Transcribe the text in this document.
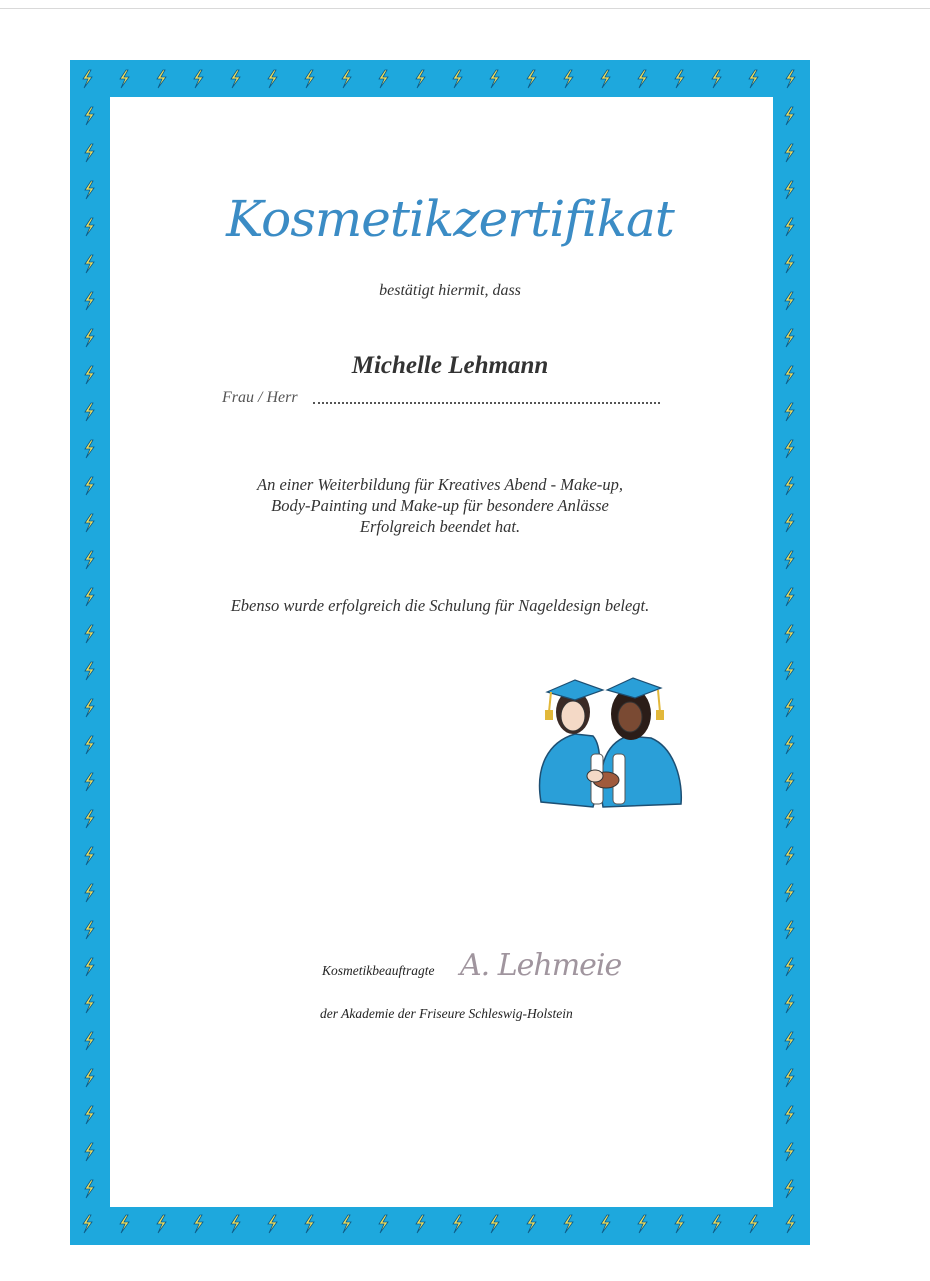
Kosmetikzertifikat
bestätigt hiermit, dass
Michelle Lehmann
Frau / Herr
An einer Weiterbildung für Kreatives Abend - Make-up,
Body-Painting und Make-up für besondere Anlässe
Erfolgreich beendet hat.
Ebenso wurde erfolgreich die Schulung für Nageldesign belegt.
Kosmetikbeauftragte A. Lehmeie
der Akademie der Friseure Schleswig-Holstein
